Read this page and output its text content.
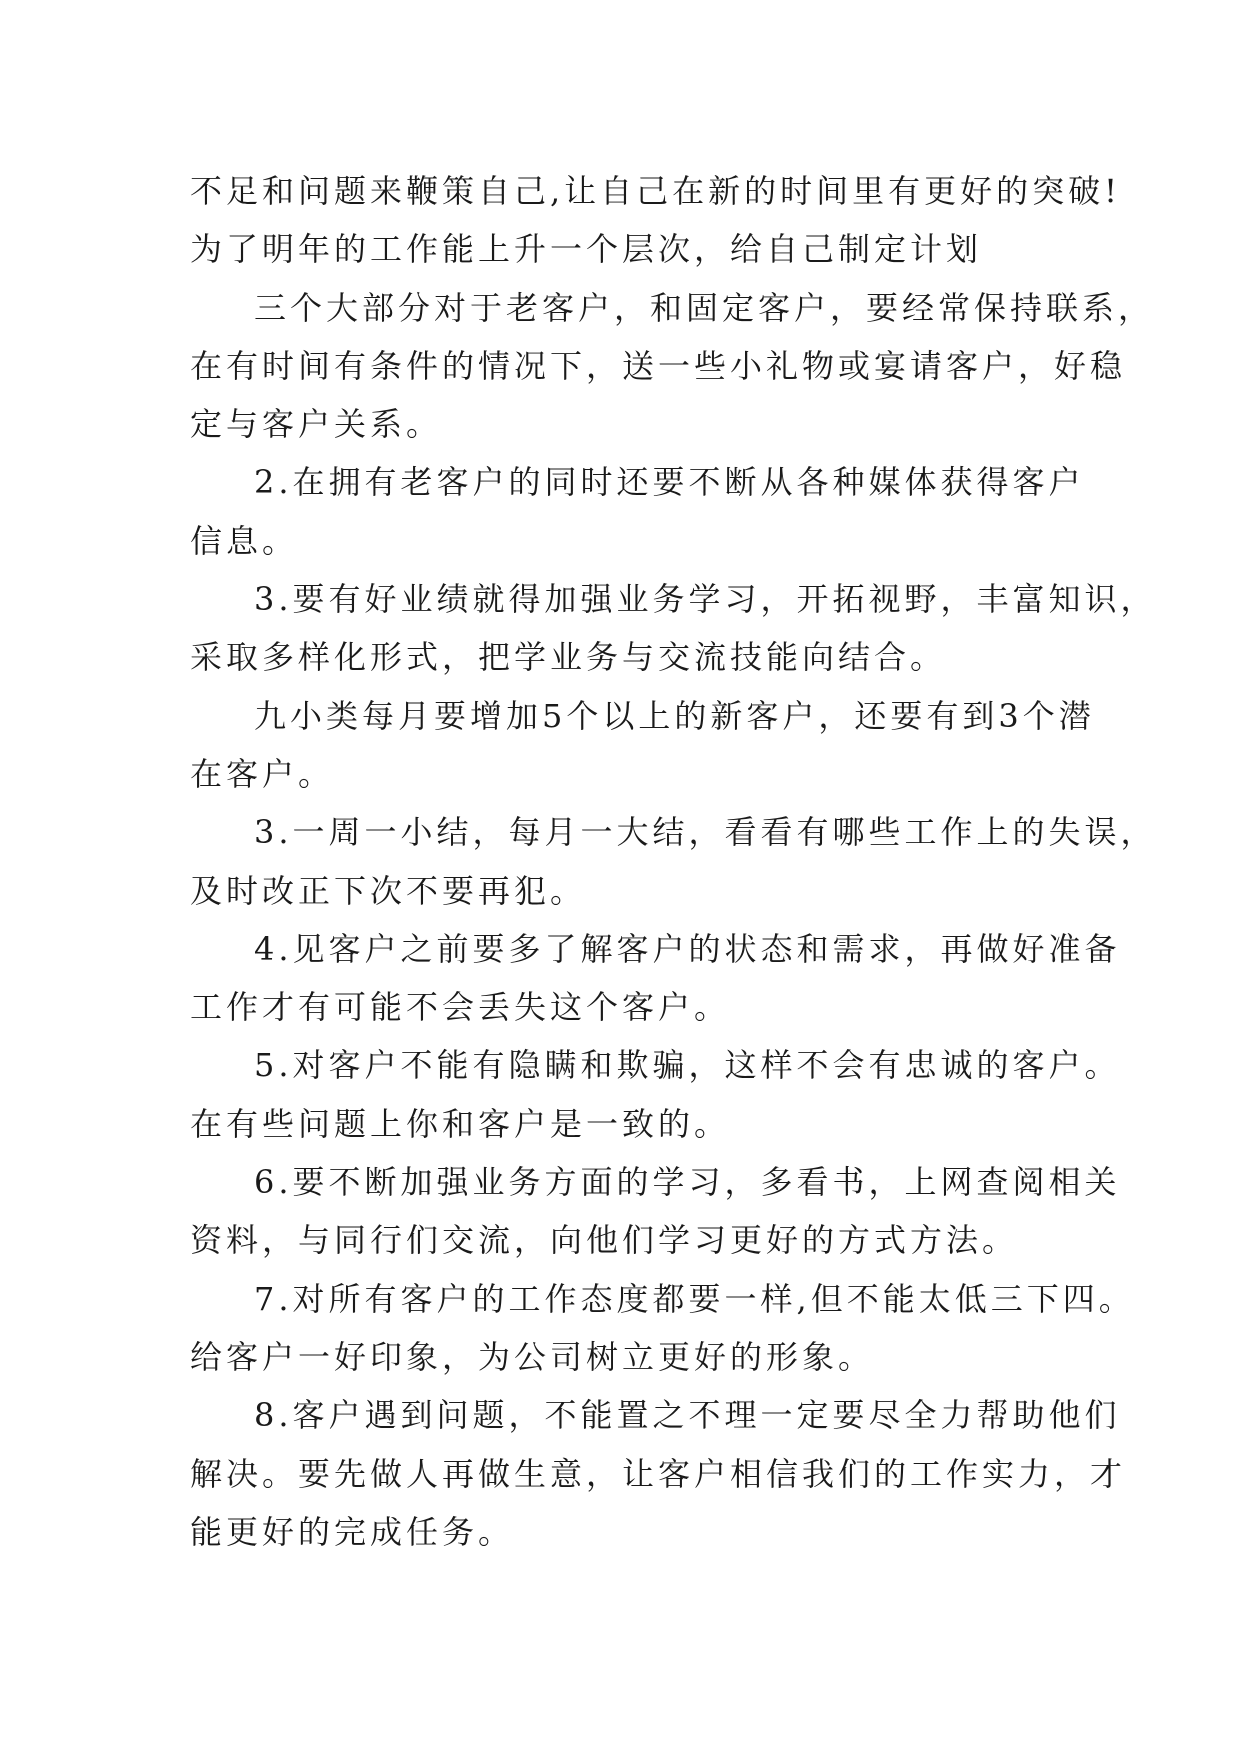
不足和问题来鞭策自己,让自己在新的时间里有更好的突破!
为了明年的工作能上升一个层次，给自己制定计划
三个大部分对于老客户，和固定客户，要经常保持联系，
在有时间有条件的情况下，送一些小礼物或宴请客户，好稳
定与客户关系。
2.在拥有老客户的同时还要不断从各种媒体获得客户
信息。
3.要有好业绩就得加强业务学习，开拓视野，丰富知识，
采取多样化形式，把学业务与交流技能向结合。
九小类每月要增加5个以上的新客户，还要有到3个潜
在客户。
3.一周一小结，每月一大结，看看有哪些工作上的失误，
及时改正下次不要再犯。
4.见客户之前要多了解客户的状态和需求，再做好准备
工作才有可能不会丢失这个客户。
5.对客户不能有隐瞒和欺骗，这样不会有忠诚的客户。
在有些问题上你和客户是一致的。
6.要不断加强业务方面的学习，多看书，上网查阅相关
资料，与同行们交流，向他们学习更好的方式方法。
7.对所有客户的工作态度都要一样,但不能太低三下四。
给客户一好印象，为公司树立更好的形象。
8.客户遇到问题，不能置之不理一定要尽全力帮助他们
解决。要先做人再做生意，让客户相信我们的工作实力，才
能更好的完成任务。
